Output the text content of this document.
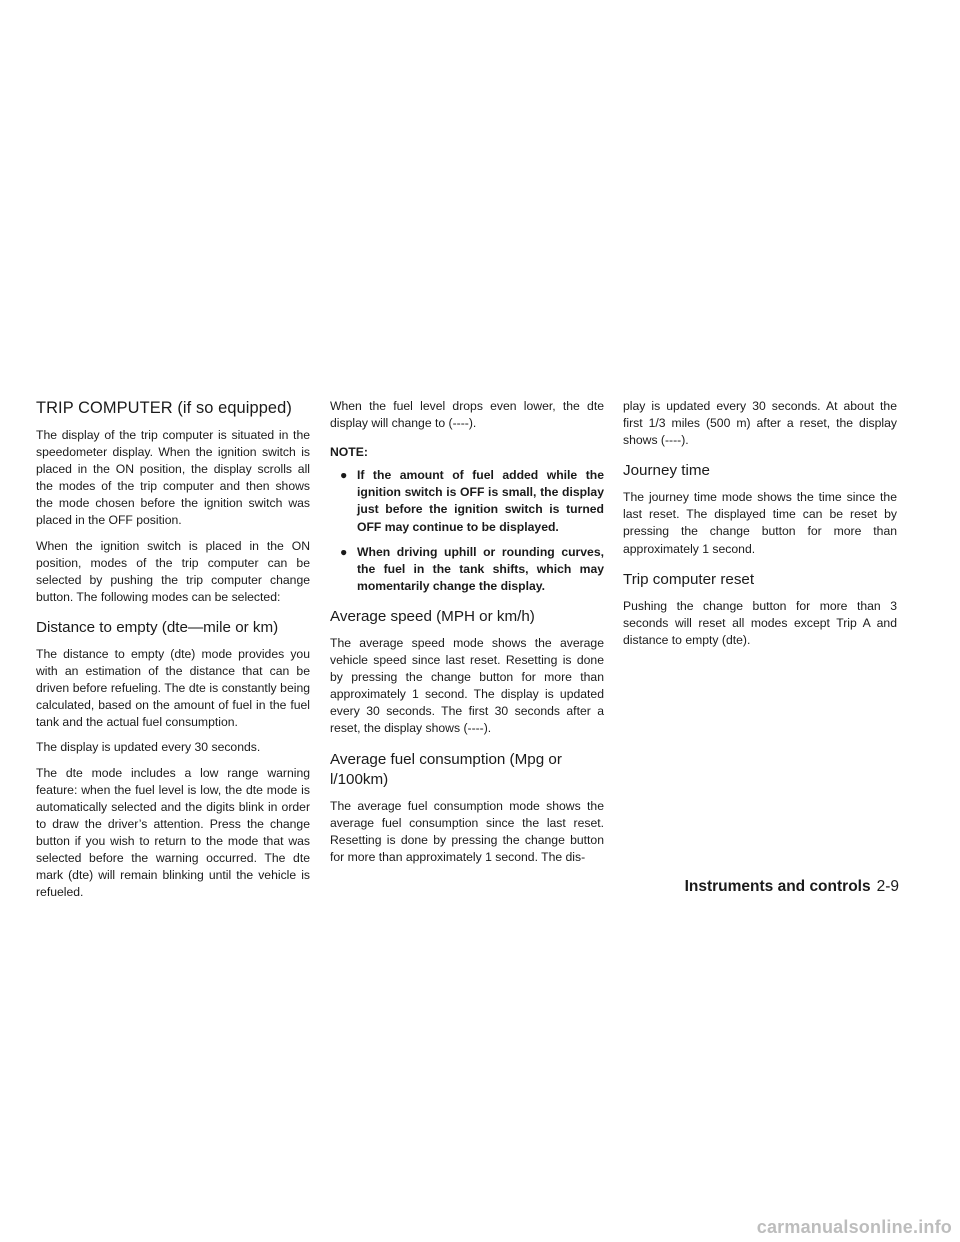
TRIP COMPUTER (if so equipped)

The display of the trip computer is situated in the speedometer display. When the ignition switch is placed in the ON position, the display scrolls all the modes of the trip computer and then shows the mode chosen before the ignition switch was placed in the OFF position.

When the ignition switch is placed in the ON position, modes of the trip computer can be selected by pushing the trip computer change button. The following modes can be selected:

Distance to empty (dte—mile or km)

The distance to empty (dte) mode provides you with an estimation of the distance that can be driven before refueling. The dte is constantly being calculated, based on the amount of fuel in the fuel tank and the actual fuel consumption.

The display is updated every 30 seconds.

The dte mode includes a low range warning feature: when the fuel level is low, the dte mode is automatically selected and the digits blink in order to draw the driver’s attention. Press the change button if you wish to return to the mode that was selected before the warning occurred. The dte mark (dte) will remain blinking until the vehicle is refueled.

When the fuel level drops even lower, the dte display will change to (----).

NOTE:
● If the amount of fuel added while the ignition switch is OFF is small, the display just before the ignition switch is turned OFF may continue to be displayed.
● When driving uphill or rounding curves, the fuel in the tank shifts, which may momentarily change the display.
Average speed (MPH or km/h)

The average speed mode shows the average vehicle speed since last reset. Resetting is done by pressing the change button for more than approximately 1 second. The display is updated every 30 seconds. The first 30 seconds after a reset, the display shows (----).

Average fuel consumption (Mpg or l/100km)

The average fuel consumption mode shows the average fuel consumption since the last reset. Resetting is done by pressing the change button for more than approximately 1 second. The dis-

play is updated every 30 seconds. At about the first 1/3 miles (500 m) after a reset, the display shows (----).

Journey time

The journey time mode shows the time since the last reset. The displayed time can be reset by pressing the change button for more than approximately 1 second.

Trip computer reset

Pushing the change button for more than 3 seconds will reset all modes except Trip A and distance to empty (dte).

Instruments and controls 2-9
carmanualsonline.info
